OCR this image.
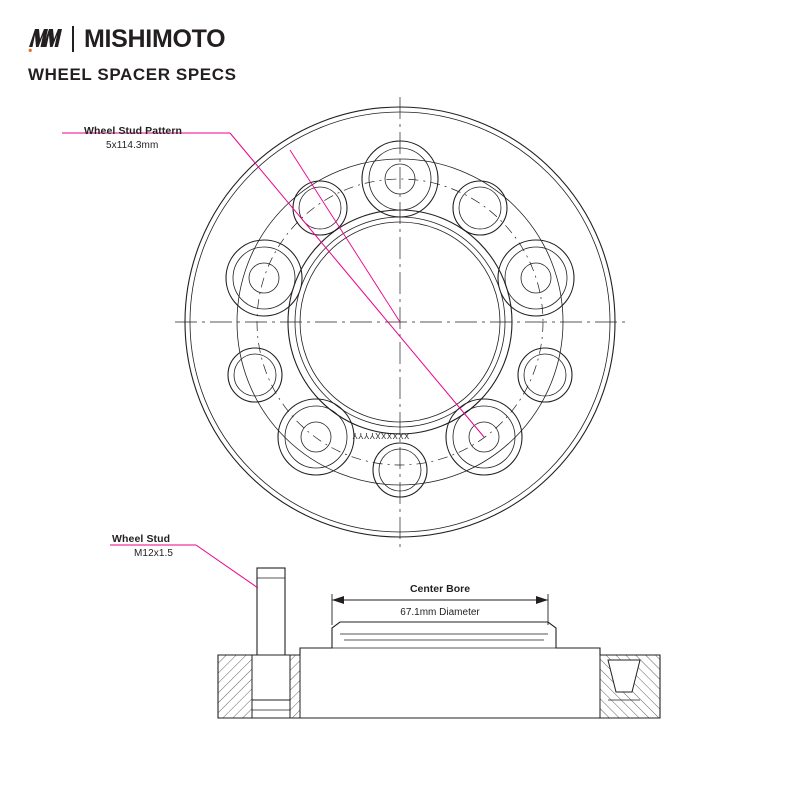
MISHIMOTO
WHEEL SPACER SPECS
Wheel Stud Pattern
5x114.3mm
Wheel Stud
M12x1.5
Center Bore
67.1mm Diameter
XXXXXXYYYY
